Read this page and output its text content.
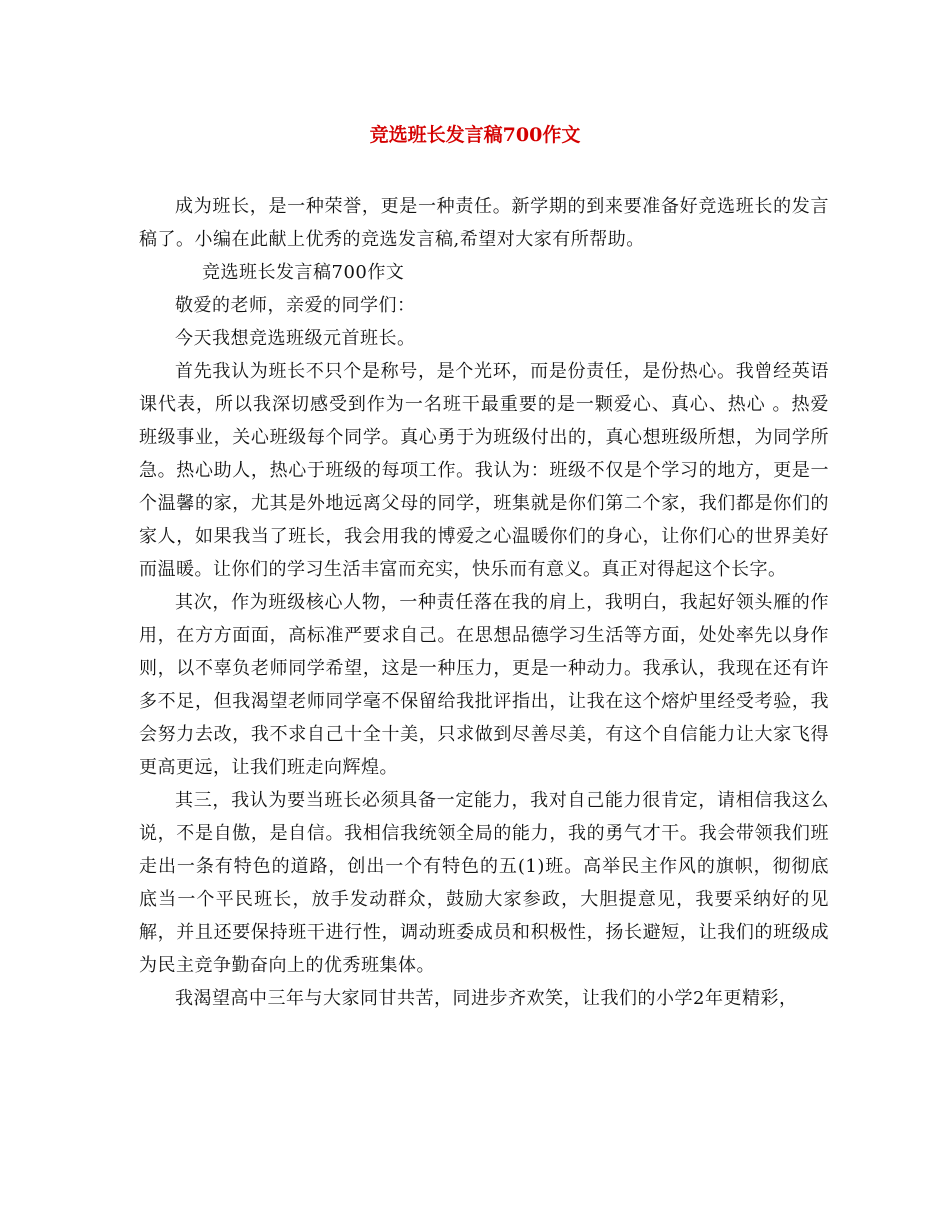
竞选班长发言稿700作文

成为班长，是一种荣誉，更是一种责任。新学期的到来要准备好竞选班长的发言稿了。小编在此献上优秀的竞选发言稿,希望对大家有所帮助。

竞选班长发言稿700作文

敬爱的老师，亲爱的同学们：

今天我想竞选班级元首班长。

首先我认为班长不只个是称号，是个光环，而是份责任，是份热心。我曾经英语课代表，所以我深切感受到作为一名班干最重要的是一颗爱心、真心、热心 。热爱班级事业，关心班级每个同学。真心勇于为班级付出的，真心想班级所想，为同学所急。热心助人，热心于班级的每项工作。我认为：班级不仅是个学习的地方，更是一个温馨的家，尤其是外地远离父母的同学，班集就是你们第二个家，我们都是你们的家人，如果我当了班长，我会用我的博爱之心温暖你们的身心，让你们心的世界美好而温暖。让你们的学习生活丰富而充实，快乐而有意义。真正对得起这个长字。

其次，作为班级核心人物，一种责任落在我的肩上，我明白，我起好领头雁的作用，在方方面面，高标准严要求自己。在思想品德学习生活等方面，处处率先以身作则，以不辜负老师同学希望，这是一种压力，更是一种动力。我承认，我现在还有许多不足，但我渴望老师同学毫不保留给我批评指出，让我在这个熔炉里经受考验，我会努力去改，我不求自己十全十美，只求做到尽善尽美，有这个自信能力让大家飞得更高更远，让我们班走向辉煌。

其三，我认为要当班长必须具备一定能力，我对自己能力很肯定，请相信我这么说，不是自傲，是自信。我相信我统领全局的能力，我的勇气才干。我会带领我们班走出一条有特色的道路，创出一个有特色的五(1)班。高举民主作风的旗帜，彻彻底底当一个平民班长，放手发动群众，鼓励大家参政，大胆提意见，我要采纳好的见解，并且还要保持班干进行性，调动班委成员和积极性，扬长避短，让我们的班级成为民主竞争勤奋向上的优秀班集体。

我渴望高中三年与大家同甘共苦，同进步齐欢笑，让我们的小学2年更精彩，
